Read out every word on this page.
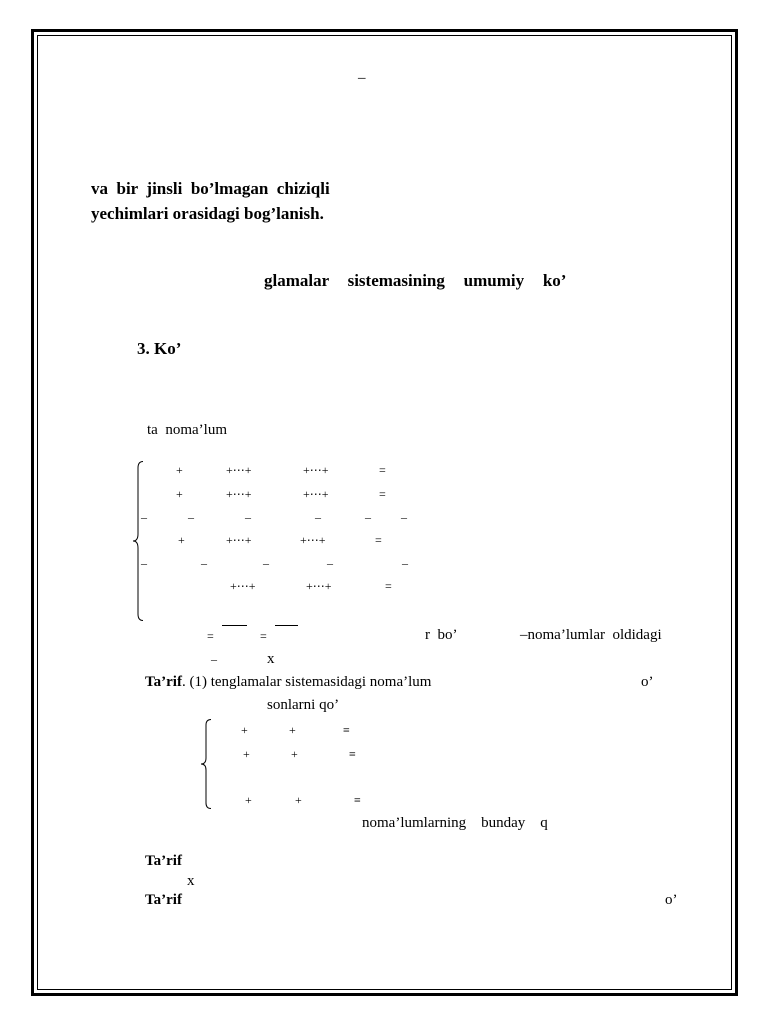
–
va  bir  jinsli  bo’lmagan  chiziqli
yechimlari orasidagi bog’lanish.
glamalar   sistemasining   umumiy   ko’
3. Ko’
ta  noma’lum
+	+⋯+	+⋯+	=
+	+⋯+	+⋯+	=
–	–	–	–	–	–
+	+⋯+	+⋯+	=
–	–	–	–	–
+⋯+	+⋯+	=
=	=	r  bo’	–noma’lumlar  oldidagi
–	x
Ta’rif. (1) tenglamalar sistemasidagi noma’lum	o’
sonlarni qo’
+	+	≡
+	+	≡
+	+	≡
noma’lumlarning    bunday    q
Ta’rif
x
Ta’rif	o’
